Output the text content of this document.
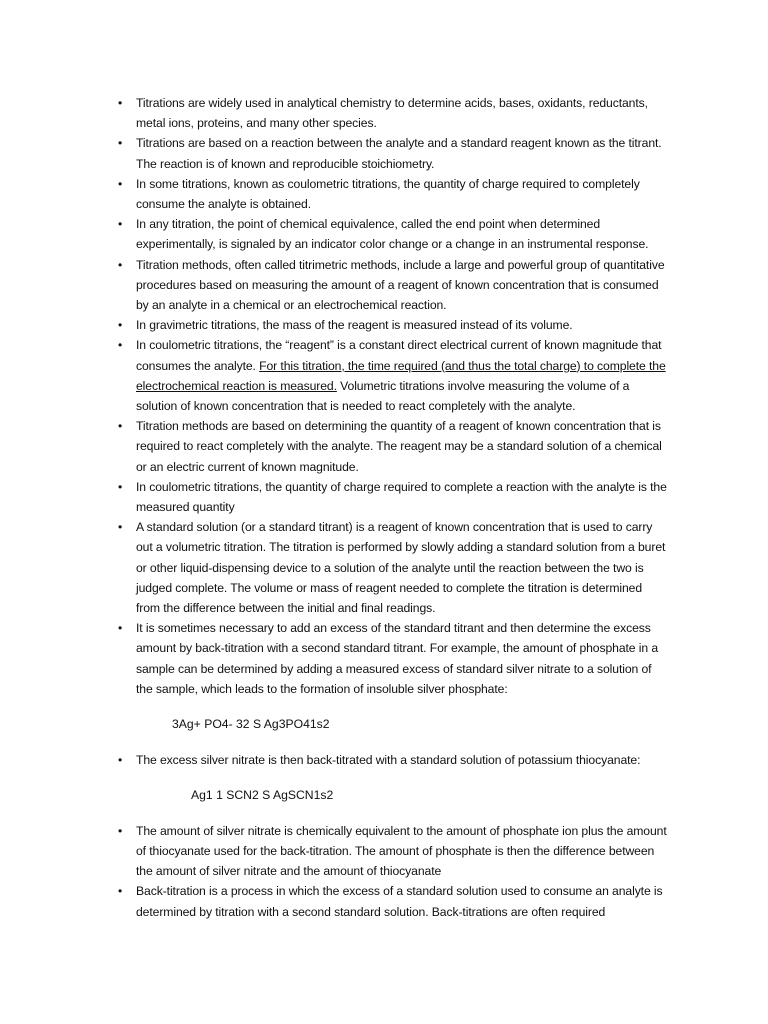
• Titrations are widely used in analytical chemistry to determine acids, bases, oxidants, reductants, metal ions, proteins, and many other species.
• Titrations are based on a reaction between the analyte and a standard reagent known as the titrant. The reaction is of known and reproducible stoichiometry.
• In some titrations, known as coulometric titrations, the quantity of charge required to completely consume the analyte is obtained.
• In any titration, the point of chemical equivalence, called the end point when determined experimentally, is signaled by an indicator color change or a change in an instrumental response.
• Titration methods, often called titrimetric methods, include a large and powerful group of quantitative procedures based on measuring the amount of a reagent of known concentration that is consumed by an analyte in a chemical or an electrochemical reaction.
• In gravimetric titrations, the mass of the reagent is measured instead of its volume.
• In coulometric titrations, the “reagent” is a constant direct electrical current of known magnitude that consumes the analyte. For this titration, the time required (and thus the total charge) to complete the electrochemical reaction is measured. Volumetric titrations involve measuring the volume of a solution of known concentration that is needed to react completely with the analyte.
• Titration methods are based on determining the quantity of a reagent of known concentration that is required to react completely with the analyte. The reagent may be a standard solution of a chemical or an electric current of known magnitude.
• In coulometric titrations, the quantity of charge required to complete a reaction with the analyte is the measured quantity
• A standard solution (or a standard titrant) is a reagent of known concentration that is used to carry out a volumetric titration. The titration is performed by slowly adding a standard solution from a buret or other liquid-dispensing device to a solution of the analyte until the reaction between the two is judged complete. The volume or mass of reagent needed to complete the titration is determined from the difference between the initial and final readings.
• It is sometimes necessary to add an excess of the standard titrant and then determine the excess amount by back-titration with a second standard titrant. For example, the amount of phosphate in a sample can be determined by adding a measured excess of standard silver nitrate to a solution of the sample, which leads to the formation of insoluble silver phosphate:
3Ag+ PO4- 32 S Ag3PO41s2
• The excess silver nitrate is then back-titrated with a standard solution of potassium thiocyanate:
Ag1 1 SCN2 S AgSCN1s2
• The amount of silver nitrate is chemically equivalent to the amount of phosphate ion plus the amount of thiocyanate used for the back-titration. The amount of phosphate is then the difference between the amount of silver nitrate and the amount of thiocyanate
• Back-titration is a process in which the excess of a standard solution used to consume an analyte is determined by titration with a second standard solution. Back-titrations are often required
